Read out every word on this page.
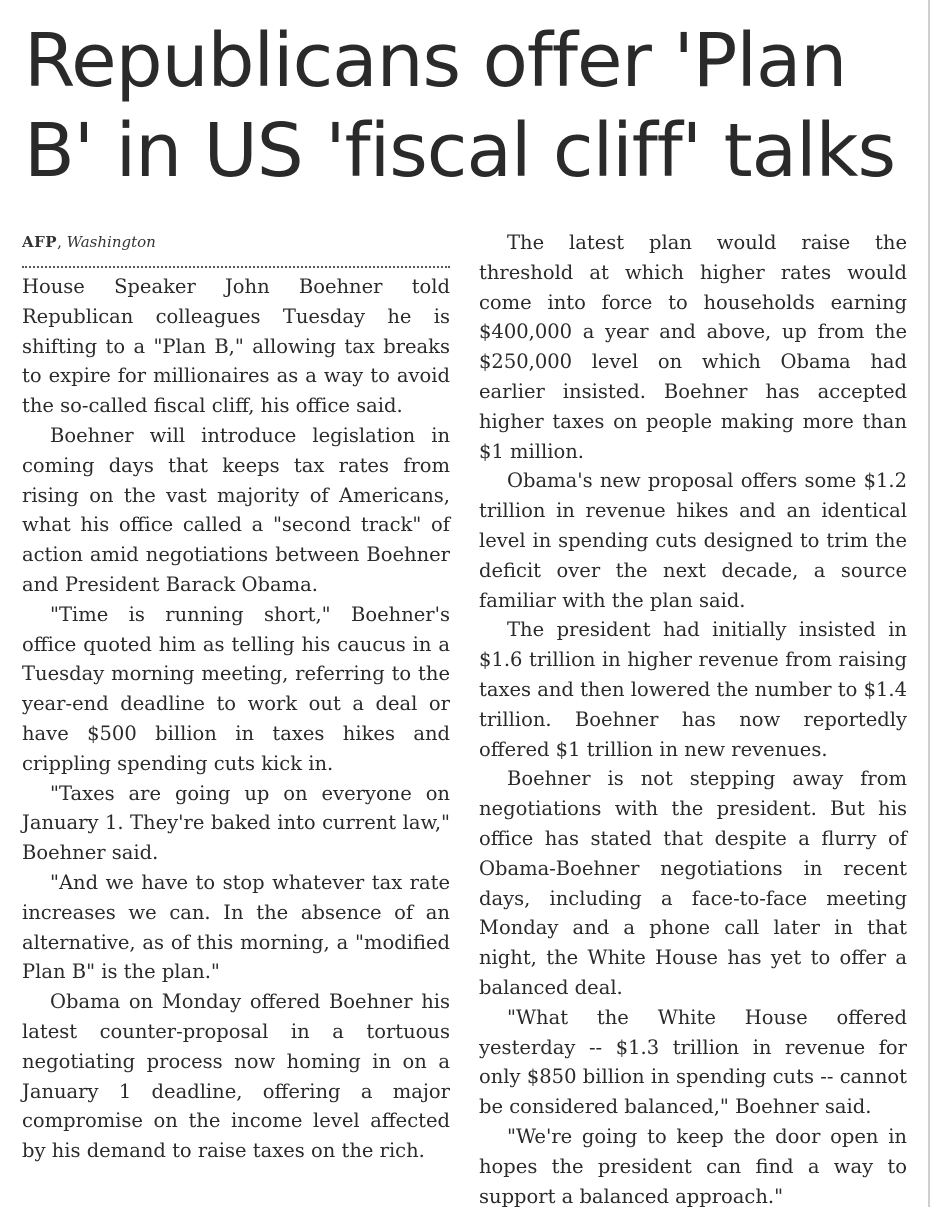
Republicans offer 'Plan B' in US 'fiscal cliff' talks

AFP, Washington

House Speaker John Boehner told Republican colleagues Tuesday he is shifting to a "Plan B," allowing tax breaks to expire for millionaires as a way to avoid the so-called fiscal cliff, his office said.

Boehner will introduce legislation in coming days that keeps tax rates from rising on the vast majority of Americans, what his office called a "second track" of action amid negotiations between Boehner and President Barack Obama.

"Time is running short," Boehner's office quoted him as telling his caucus in a Tuesday morning meeting, referring to the year-end deadline to work out a deal or have $500 billion in taxes hikes and crippling spending cuts kick in.

"Taxes are going up on everyone on January 1. They're baked into current law," Boehner said.

"And we have to stop whatever tax rate increases we can. In the absence of an alternative, as of this morning, a "modified Plan B" is the plan."

Obama on Monday offered Boehner his latest counter-proposal in a tortuous negotiating process now homing in on a January 1 deadline, offering a major compromise on the income level affected by his demand to raise taxes on the rich.

The latest plan would raise the threshold at which higher rates would come into force to households earning $400,000 a year and above, up from the $250,000 level on which Obama had earlier insisted. Boehner has accepted higher taxes on people making more than $1 million.

Obama's new proposal offers some $1.2 trillion in revenue hikes and an identical level in spending cuts designed to trim the deficit over the next decade, a source familiar with the plan said.

The president had initially insisted in $1.6 trillion in higher revenue from raising taxes and then lowered the number to $1.4 trillion. Boehner has now reportedly offered $1 trillion in new revenues.

Boehner is not stepping away from negotiations with the president. But his office has stated that despite a flurry of Obama-Boehner negotiations in recent days, including a face-to-face meeting Monday and a phone call later in that night, the White House has yet to offer a balanced deal.

"What the White House offered yesterday -- $1.3 trillion in revenue for only $850 billion in spending cuts -- cannot be considered balanced," Boehner said.

"We're going to keep the door open in hopes the president can find a way to support a balanced approach."
